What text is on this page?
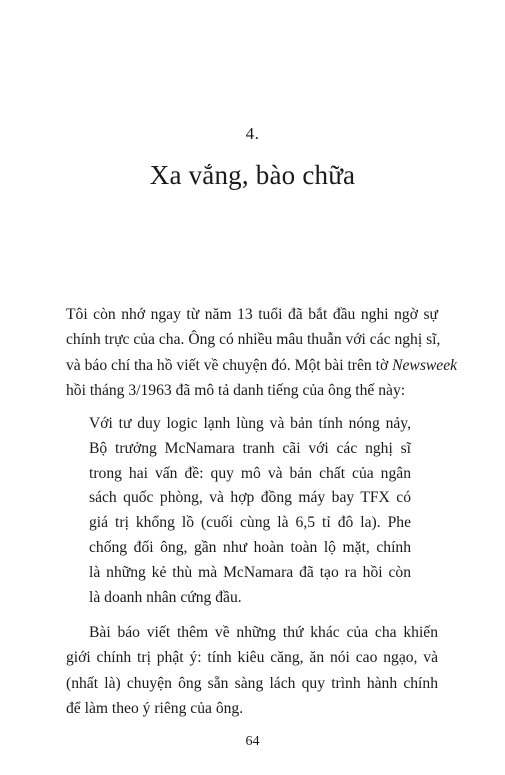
4.
Xa vắng, bào chữa
Tôi còn nhớ ngay từ năm 13 tuổi đã bắt đầu nghi ngờ sự
chính trực của cha. Ông có nhiều mâu thuẫn với các nghị sĩ,
và báo chí tha hồ viết về chuyện đó. Một bài trên tờ Newsweek
hồi tháng 3/1963 đã mô tả danh tiếng của ông thế này:
Với tư duy logic lạnh lùng và bản tính nóng nảy,
Bộ trưởng McNamara tranh cãi với các nghị sĩ
trong hai vấn đề: quy mô và bản chất của ngân
sách quốc phòng, và hợp đồng máy bay TFX có
giá trị khổng lồ (cuối cùng là 6,5 tỉ đô la). Phe
chống đối ông, gần như hoàn toàn lộ mặt, chính
là những kẻ thù mà McNamara đã tạo ra hồi còn
là doanh nhân cứng đầu.
Bài báo viết thêm về những thứ khác của cha khiến
giới chính trị phật ý: tính kiêu căng, ăn nói cao ngạo, và
(nhất là) chuyện ông sẵn sàng lách quy trình hành chính
để làm theo ý riêng của ông.
64
